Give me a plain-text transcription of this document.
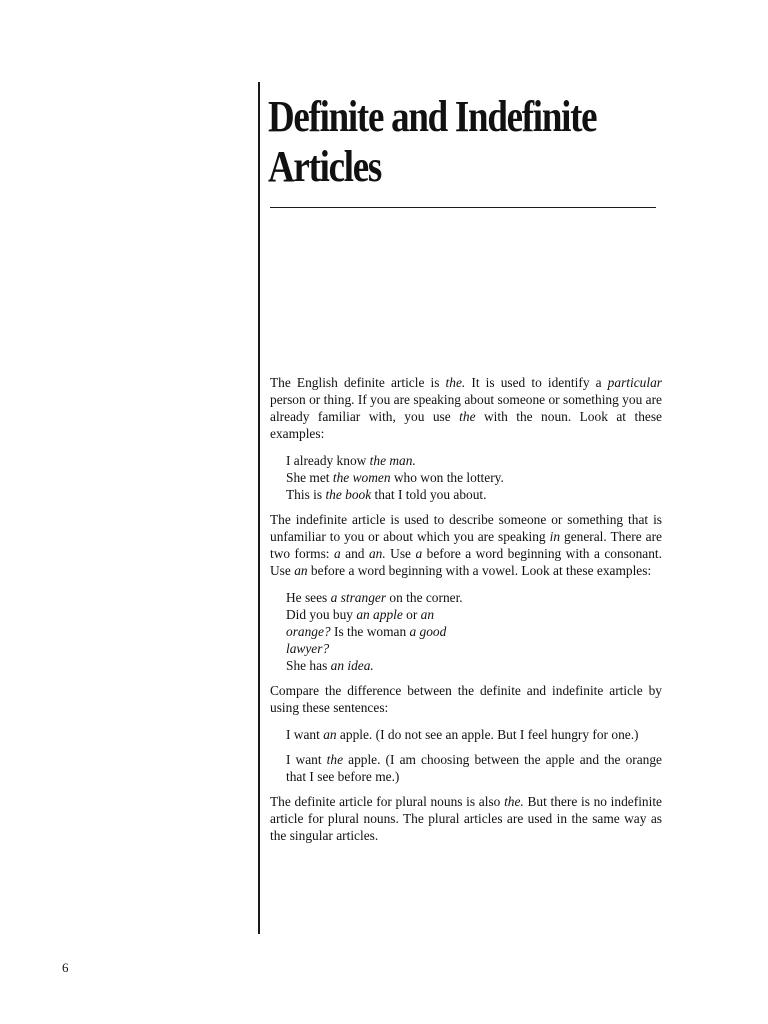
Definite and Indefinite
Articles

The English definite article is the. It is used to identify a particular person or thing. If you are speaking about someone or something you are already familiar with, you use the with the noun. Look at these examples:

I already know the man.
She met the women who won the lottery.
This is the book that I told you about.

The indefinite article is used to describe someone or something that is unfamiliar to you or about which you are speaking in general. There are two forms: a and an. Use a before a word beginning with a consonant. Use an before a word beginning with a vowel. Look at these examples:

He sees a stranger on the corner.
Did you buy an apple or an orange? Is the woman a good lawyer?
She has an idea.

Compare the difference between the definite and indefinite article by using these sentences:

I want an apple. (I do not see an apple. But I feel hungry for one.)

I want the apple. (I am choosing between the apple and the orange that I see before me.)

The definite article for plural nouns is also the. But there is no indefinite article for plural nouns. The plural articles are used in the same way as the singular articles.

6
